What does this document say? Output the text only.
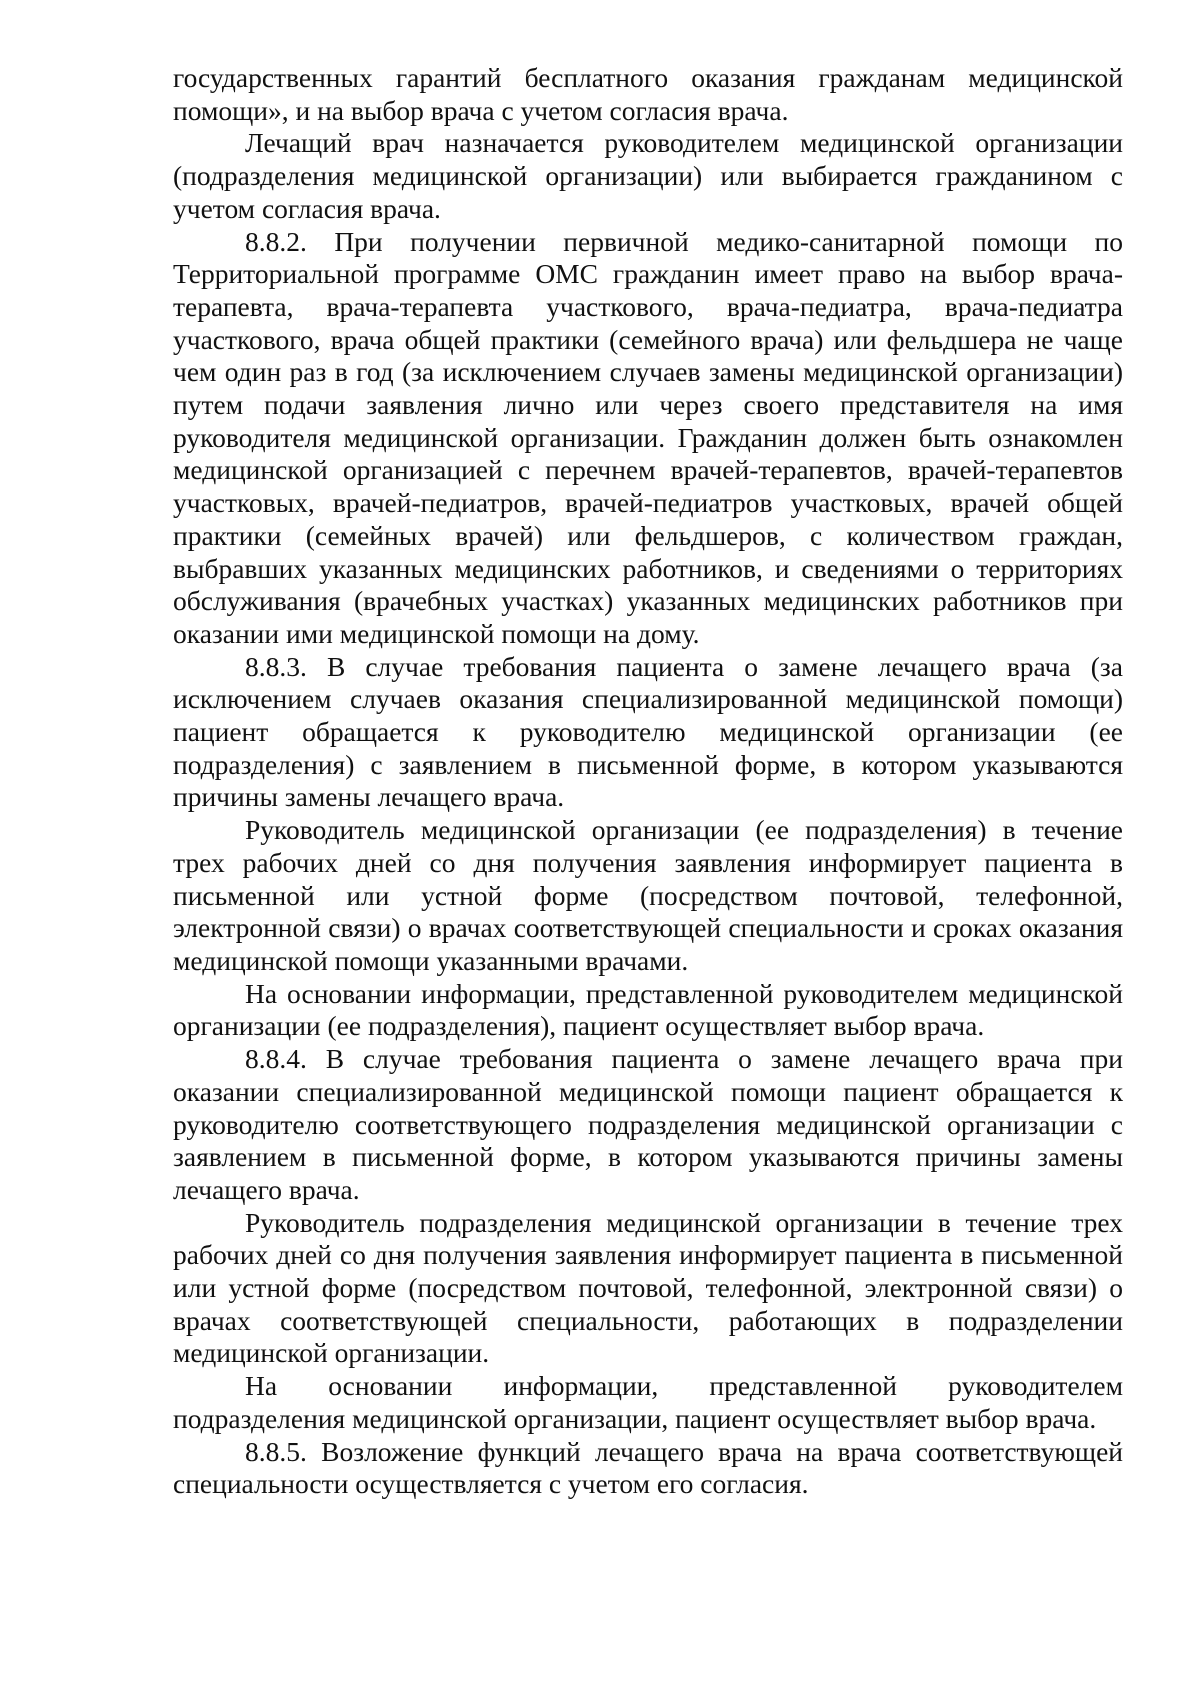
государственных гарантий бесплатного оказания гражданам медицинской помощи», и на выбор врача с учетом согласия врача.

Лечащий врач назначается руководителем медицинской организации (подразделения медицинской организации) или выбирается гражданином с учетом согласия врача.

8.8.2. При получении первичной медико-санитарной помощи по Территориальной программе ОМС гражданин имеет право на выбор врача-терапевта, врача-терапевта участкового, врача-педиатра, врача-педиатра участкового, врача общей практики (семейного врача) или фельдшера не чаще чем один раз в год (за исключением случаев замены медицинской организации) путем подачи заявления лично или через своего представителя на имя руководителя медицинской организации. Гражданин должен быть ознакомлен медицинской организацией с перечнем врачей-терапевтов, врачей-терапевтов участковых, врачей-педиатров, врачей-педиатров участковых, врачей общей практики (семейных врачей) или фельдшеров, с количеством граждан, выбравших указанных медицинских работников, и сведениями о территориях обслуживания (врачебных участках) указанных медицинских работников при оказании ими медицинской помощи на дому.

8.8.3. В случае требования пациента о замене лечащего врача (за исключением случаев оказания специализированной медицинской помощи) пациент обращается к руководителю медицинской организации (ее подразделения) с заявлением в письменной форме, в котором указываются причины замены лечащего врача.

Руководитель медицинской организации (ее подразделения) в течение трех рабочих дней со дня получения заявления информирует пациента в письменной или устной форме (посредством почтовой, телефонной, электронной связи) о врачах соответствующей специальности и сроках оказания медицинской помощи указанными врачами.

На основании информации, представленной руководителем медицинской организации (ее подразделения), пациент осуществляет выбор врача.

8.8.4. В случае требования пациента о замене лечащего врача при оказании специализированной медицинской помощи пациент обращается к руководителю соответствующего подразделения медицинской организации с заявлением в письменной форме, в котором указываются причины замены лечащего врача.

Руководитель подразделения медицинской организации в течение трех рабочих дней со дня получения заявления информирует пациента в письменной или устной форме (посредством почтовой, телефонной, электронной связи) о врачах соответствующей специальности, работающих в подразделении медицинской организации.

На основании информации, представленной руководителем подразделения медицинской организации, пациент осуществляет выбор врача.

8.8.5. Возложение функций лечащего врача на врача соответствующей специальности осуществляется с учетом его согласия.
